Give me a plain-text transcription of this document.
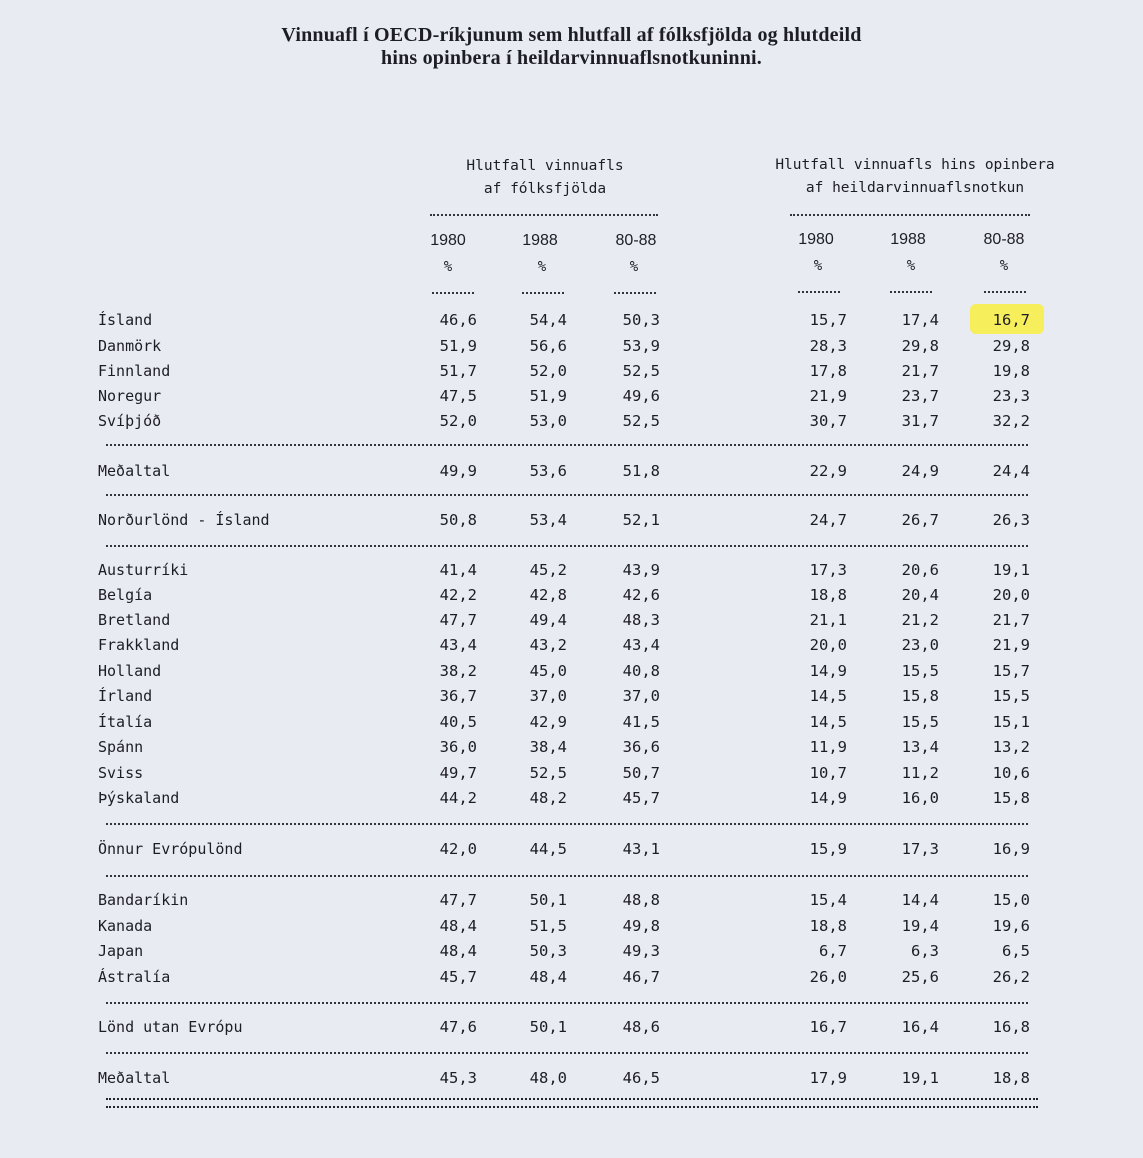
Vinnuafl í OECD-ríkjunum sem hlutfall af fólksfjölda og hlutdeild
hins opinbera í heildarvinnuaflsnotkuninni.
Hlutfall vinnuafls
af fólksfjölda
Hlutfall vinnuafls hins opinbera
af heildarvinnuaflsnotkun
1980	1988	80-88	1980	1988	80-88
%	%	%	%	%	%
Ísland	46,6	54,4	50,3	15,7	17,4	16,7
Danmörk	51,9	56,6	53,9	28,3	29,8	29,8
Finnland	51,7	52,0	52,5	17,8	21,7	19,8
Noregur	47,5	51,9	49,6	21,9	23,7	23,3
Svíþjóð	52,0	53,0	52,5	30,7	31,7	32,2
Meðaltal	49,9	53,6	51,8	22,9	24,9	24,4
Norðurlönd - Ísland	50,8	53,4	52,1	24,7	26,7	26,3
Austurríki	41,4	45,2	43,9	17,3	20,6	19,1
Belgía	42,2	42,8	42,6	18,8	20,4	20,0
Bretland	47,7	49,4	48,3	21,1	21,2	21,7
Frakkland	43,4	43,2	43,4	20,0	23,0	21,9
Holland	38,2	45,0	40,8	14,9	15,5	15,7
Írland	36,7	37,0	37,0	14,5	15,8	15,5
Ítalía	40,5	42,9	41,5	14,5	15,5	15,1
Spánn	36,0	38,4	36,6	11,9	13,4	13,2
Sviss	49,7	52,5	50,7	10,7	11,2	10,6
Þýskaland	44,2	48,2	45,7	14,9	16,0	15,8
Önnur Evrópulönd	42,0	44,5	43,1	15,9	17,3	16,9
Bandaríkin	47,7	50,1	48,8	15,4	14,4	15,0
Kanada	48,4	51,5	49,8	18,8	19,4	19,6
Japan	48,4	50,3	49,3	6,7	6,3	6,5
Ástralía	45,7	48,4	46,7	26,0	25,6	26,2
Lönd utan Evrópu	47,6	50,1	48,6	16,7	16,4	16,8
Meðaltal	45,3	48,0	46,5	17,9	19,1	18,8
